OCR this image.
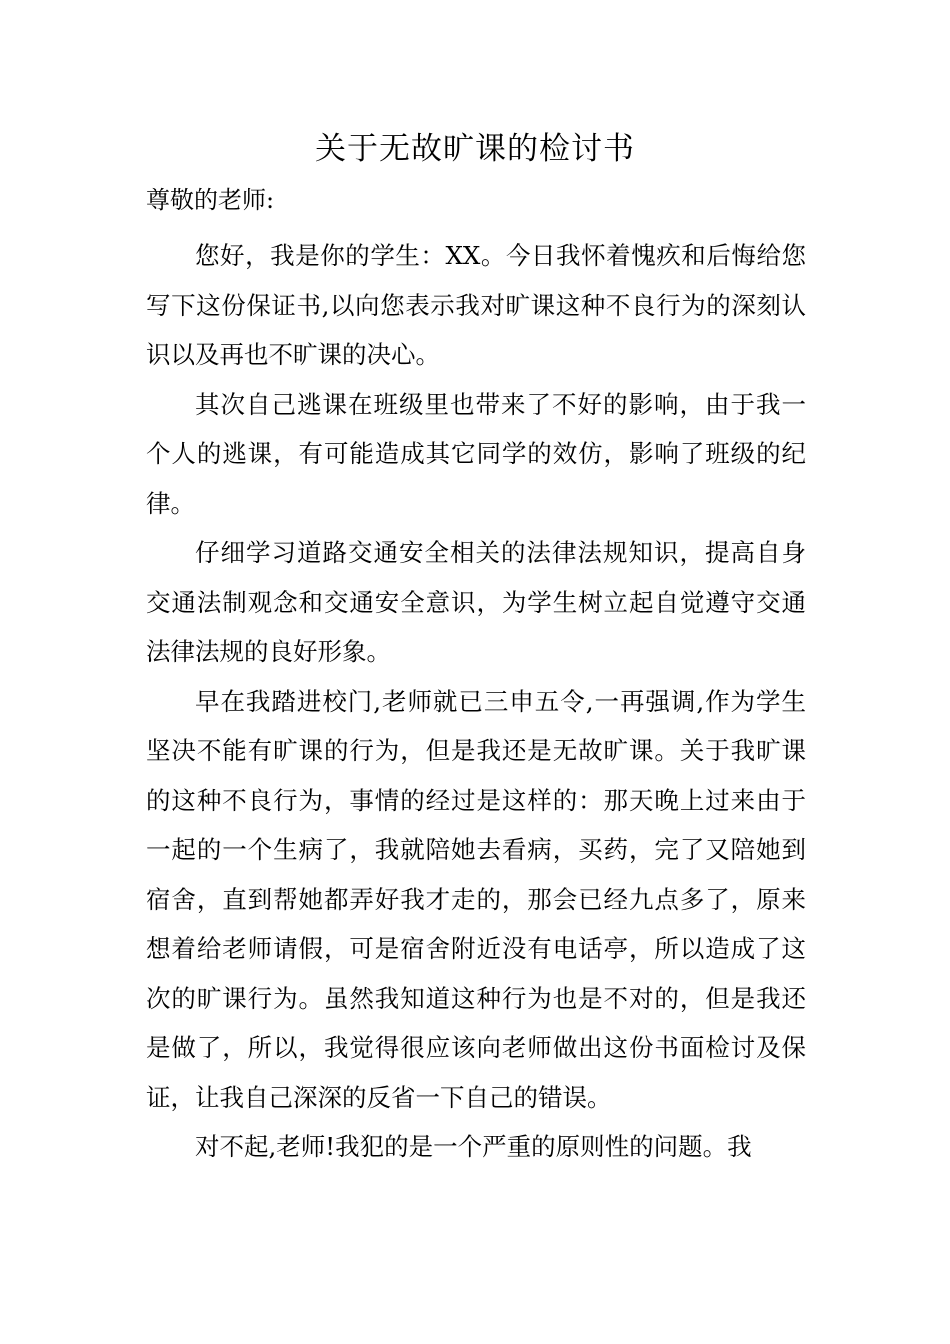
关于无故旷课的检讨书

尊敬的老师:

您好，我是你的学生：XX。今日我怀着愧疚和后悔给您写下这份保证书,以向您表示我对旷课这种不良行为的深刻认识以及再也不旷课的决心。

其次自己逃课在班级里也带来了不好的影响，由于我一个人的逃课，有可能造成其它同学的效仿，影响了班级的纪律。

仔细学习道路交通安全相关的法律法规知识，提高自身交通法制观念和交通安全意识，为学生树立起自觉遵守交通法律法规的良好形象。

早在我踏进校门,老师就已三申五令,一再强调,作为学生坚决不能有旷课的行为，但是我还是无故旷课。关于我旷课的这种不良行为，事情的经过是这样的：那天晚上过来由于一起的一个生病了，我就陪她去看病，买药，完了又陪她到宿舍，直到帮她都弄好我才走的，那会已经九点多了，原来想着给老师请假，可是宿舍附近没有电话亭，所以造成了这次的旷课行为。虽然我知道这种行为也是不对的，但是我还是做了，所以，我觉得很应该向老师做出这份书面检讨及保证，让我自己深深的反省一下自己的错误。

对不起,老师!我犯的是一个严重的原则性的问题。我
